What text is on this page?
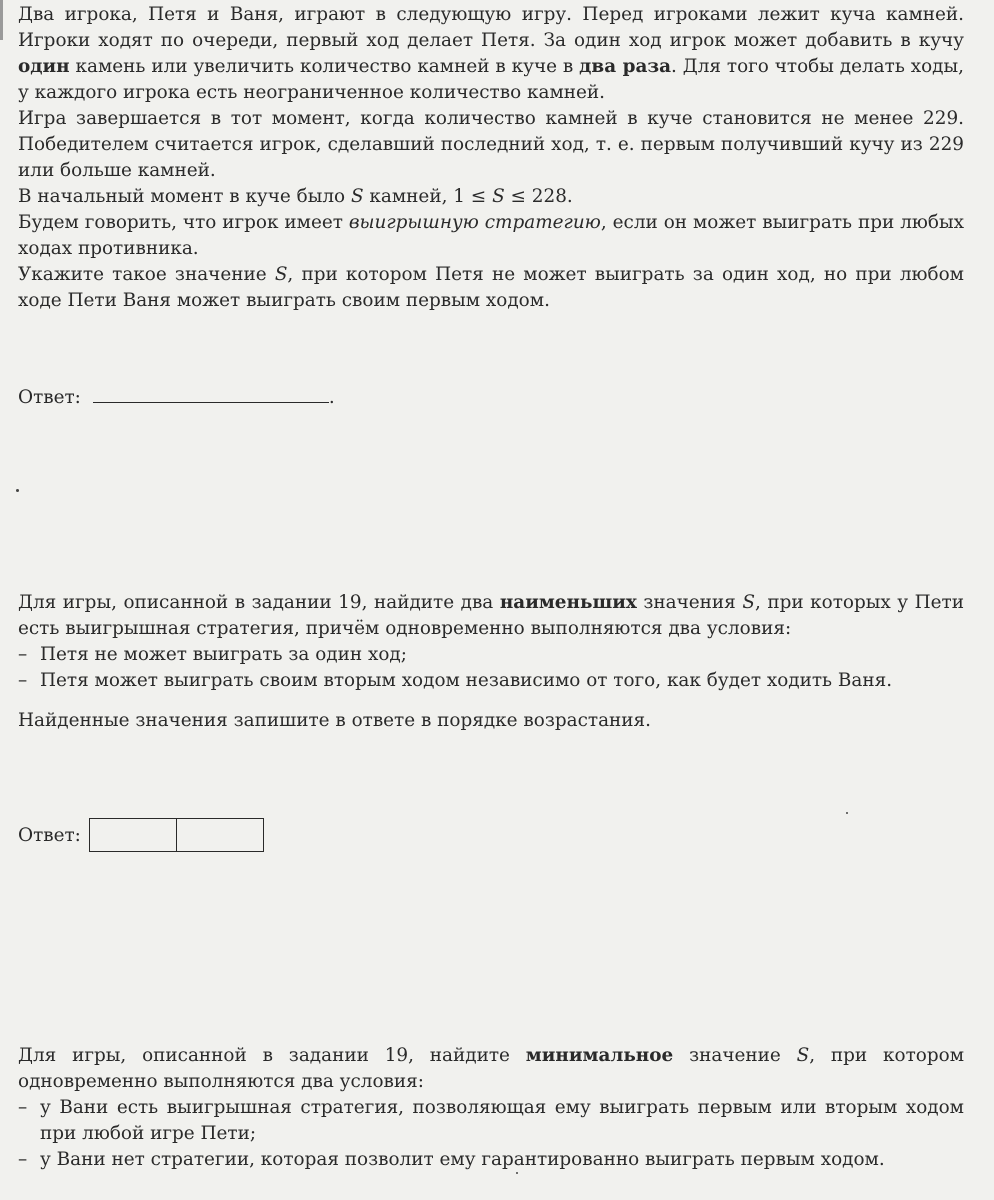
Два игрока, Петя и Ваня, играют в следующую игру. Перед игроками лежит куча камней. Игроки ходят по очереди, первый ход делает Петя. За один ход игрок может добавить в кучу один камень или увеличить количество камней в куче в два раза. Для того чтобы делать ходы, у каждого игрока есть неограниченное количество камней.

Игра завершается в тот момент, когда количество камней в куче становится не менее 229. Победителем считается игрок, сделавший последний ход, т. е. первым получивший кучу из 229 или больше камней.

В начальный момент в куче было S камней, 1 ≤ S ≤ 228.

Будем говорить, что игрок имеет выигрышную стратегию, если он может выиграть при любых ходах противника.

Укажите такое значение S, при котором Петя не может выиграть за один ход, но при любом ходе Пети Ваня может выиграть своим первым ходом.

Ответ:	.

Для игры, описанной в задании 19, найдите два наименьших значения S, при которых у Пети есть выигрышная стратегия, причём одновременно выполняются два условия:

– Петя не может выиграть за один ход;
– Петя может выиграть своим вторым ходом независимо от того, как будет ходить Ваня.

Найденные значения запишите в ответе в порядке возрастания.

Ответ:

Для игры, описанной в задании 19, найдите минимальное значение S, при котором одновременно выполняются два условия:

– у Вани есть выигрышная стратегия, позволяющая ему выиграть первым или вторым ходом при любой игре Пети;
– у Вани нет стратегии, которая позволит ему гарантированно выиграть первым ходом.
